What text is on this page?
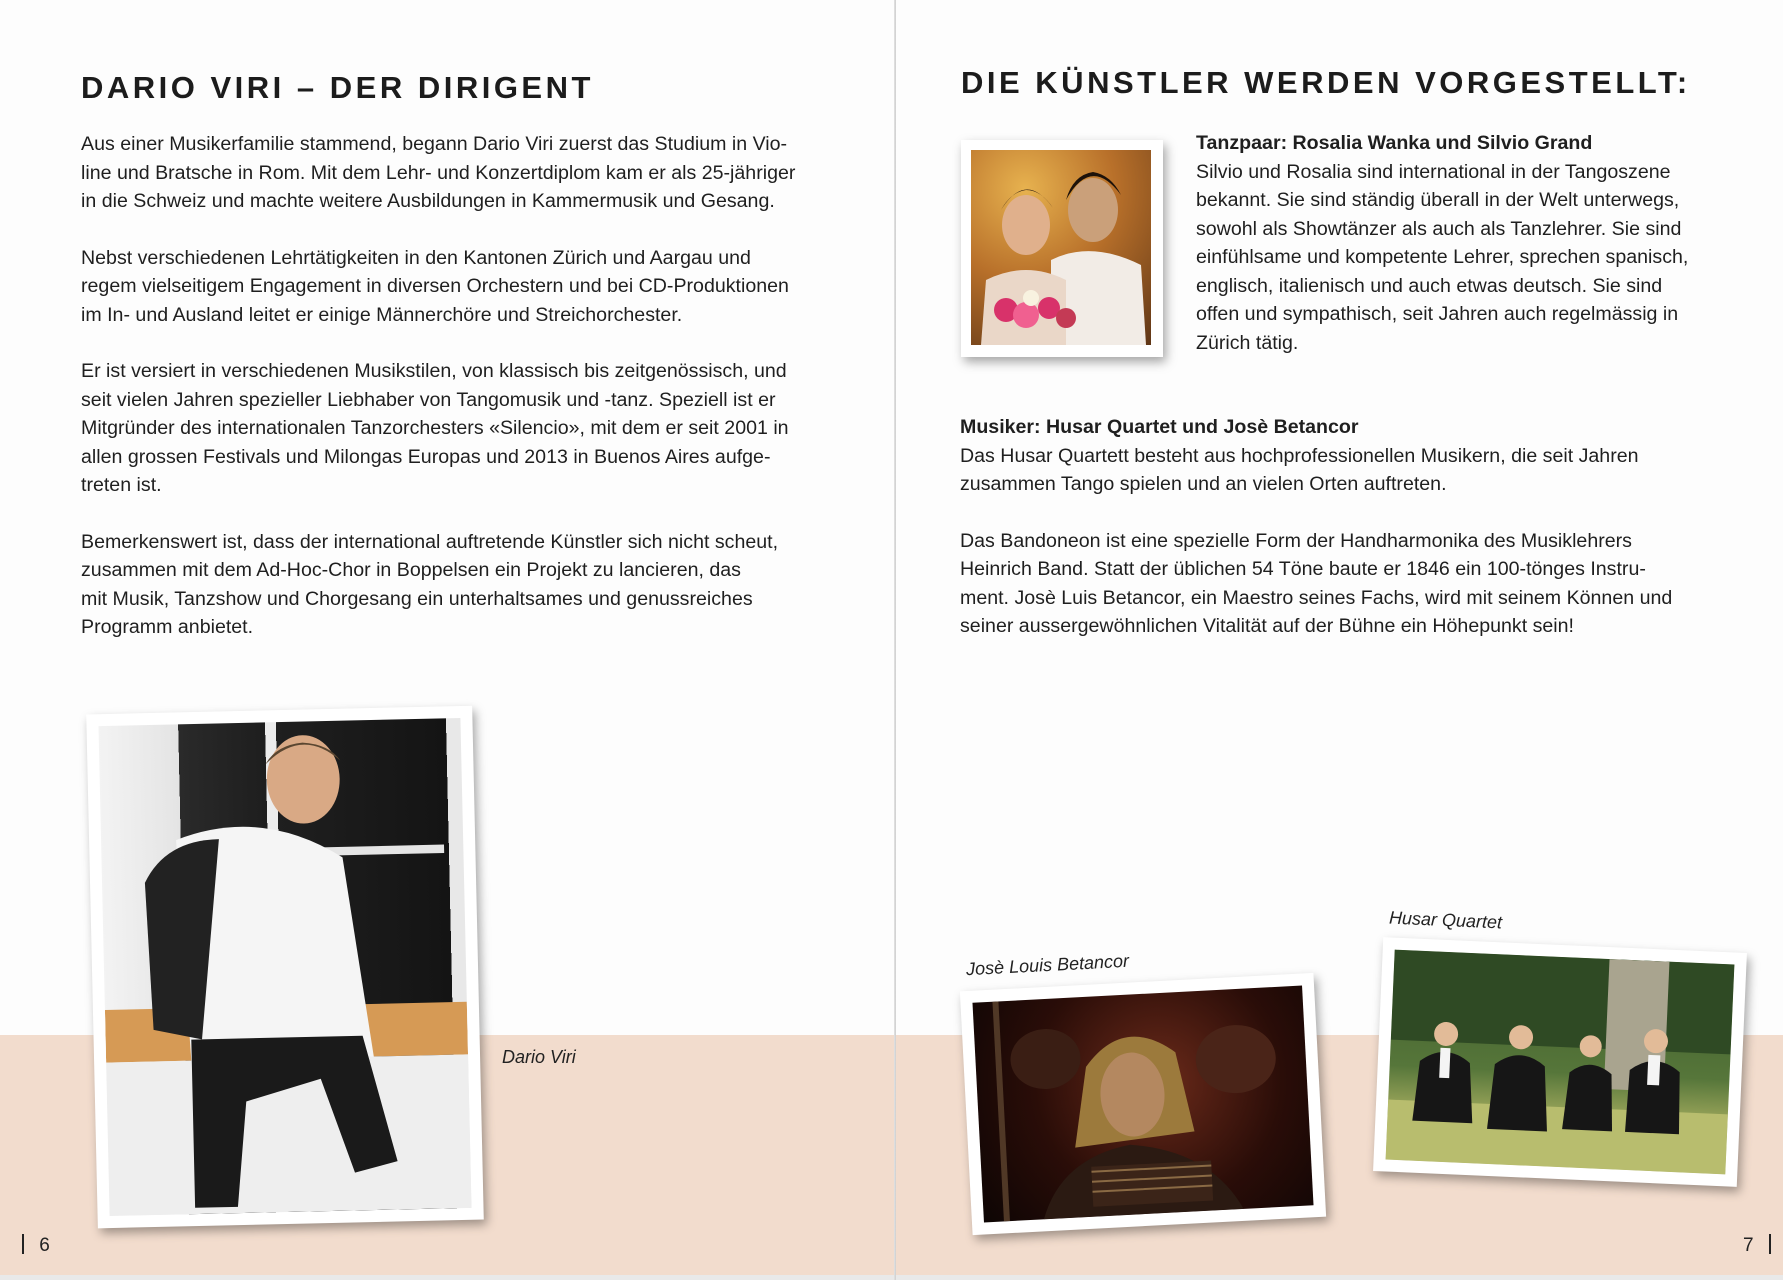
DARIO VIRI – DER DIRIGENT

Aus einer Musikerfamilie stammend, begann Dario Viri zuerst das Studium in Vio-
line und Bratsche in Rom. Mit dem Lehr- und Konzertdiplom kam er als 25-jähriger
in die Schweiz und machte weitere Ausbildungen in Kammermusik und Gesang.

Nebst verschiedenen Lehrtätigkeiten in den Kantonen Zürich und Aargau und
regem vielseitigem Engagement in diversen Orchestern und bei CD-Produktionen
im In- und Ausland leitet er einige Männerchöre und Streichorchester.

Er ist versiert in verschiedenen Musikstilen, von klassisch bis zeitgenössisch, und
seit vielen Jahren spezieller Liebhaber von Tangomusik und -tanz. Speziell ist er
Mitgründer des internationalen Tanzorchesters «Silencio», mit dem er seit 2001 in
allen grossen Festivals und Milongas Europas und 2013 in Buenos Aires aufge-
treten ist.

Bemerkenswert ist, dass der international auftretende Künstler sich nicht scheut,
zusammen mit dem Ad-Hoc-Chor in Boppelsen ein Projekt zu lancieren, das
mit Musik, Tanzshow und Chorgesang ein unterhaltsames und genussreiches
Programm anbietet.

Dario Viri
6
DIE KÜNSTLER WERDEN VORGESTELLT:
Tanzpaar: Rosalia Wanka und Silvio Grand
Silvio und Rosalia sind international in der Tangoszene
bekannt. Sie sind ständig überall in der Welt unterwegs,
sowohl als Showtänzer als auch als Tanzlehrer. Sie sind
einfühlsame und kompetente Lehrer, sprechen spanisch,
englisch, italienisch und auch etwas deutsch. Sie sind
offen und sympathisch, seit Jahren auch regelmässig in
Zürich tätig.
Musiker: Husar Quartet und Josè Betancor

Das Husar Quartett besteht aus hochprofessionellen Musikern, die seit Jahren
zusammen Tango spielen und an vielen Orten auftreten.

Das Bandoneon ist eine spezielle Form der Handharmonika des Musiklehrers
Heinrich Band. Statt der üblichen 54 Töne baute er 1846 ein 100-tönges Instru-
ment. Josè Luis Betancor, ein Maestro seines Fachs, wird mit seinem Können und
seiner aussergewöhnlichen Vitalität auf der Bühne ein Höhepunkt sein!

Josè Louis Betancor
Husar Quartet
7
